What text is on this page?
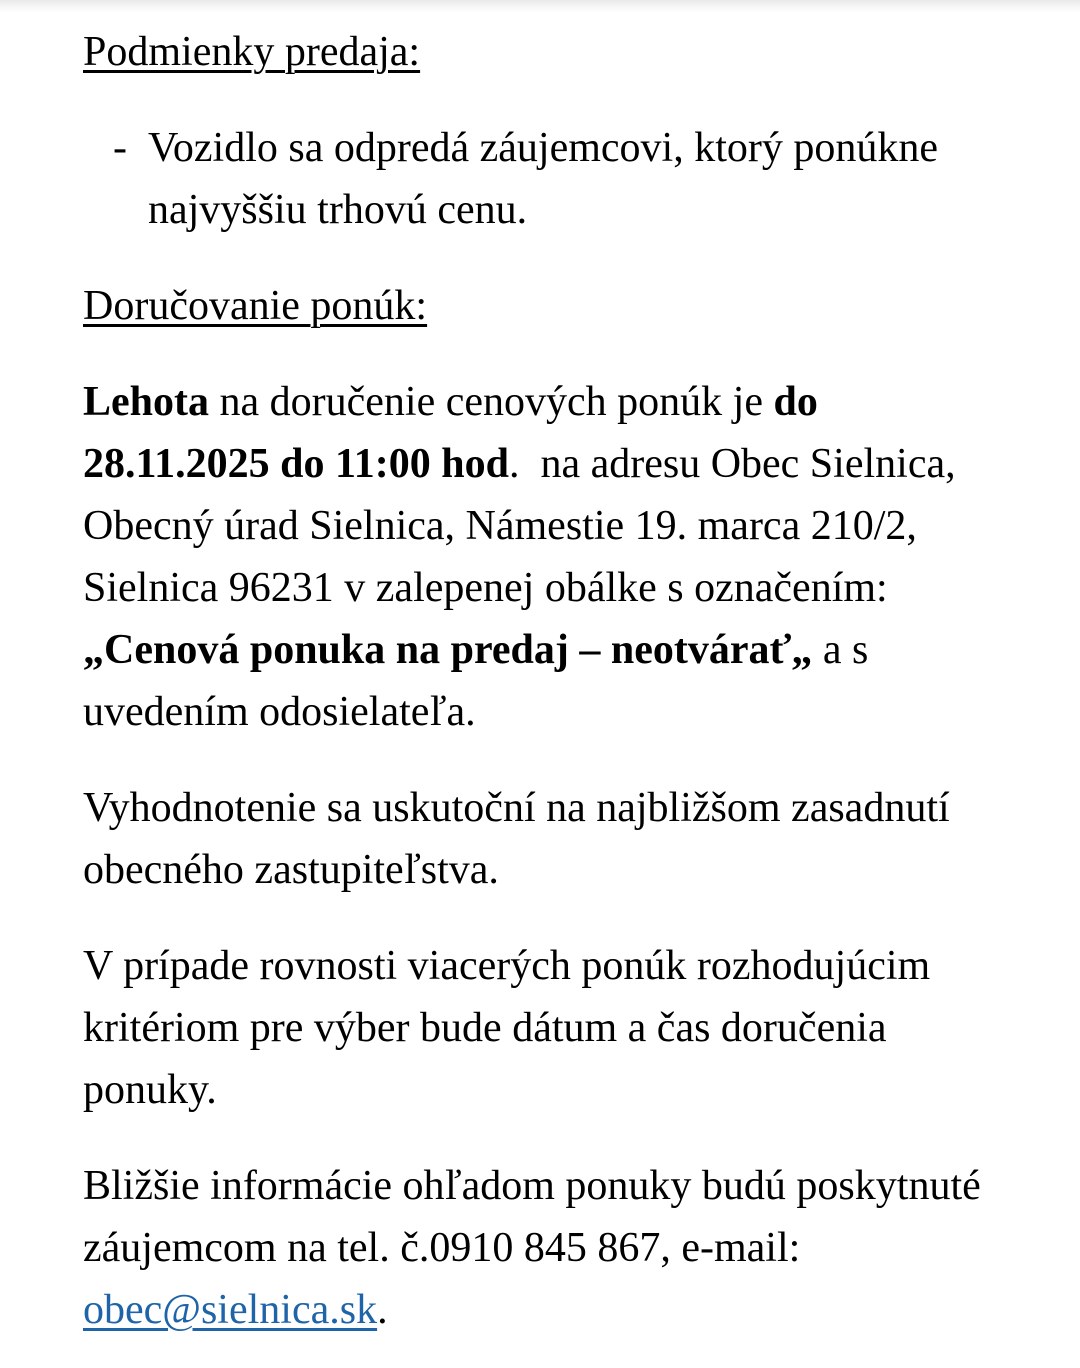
Podmienky predaja:

- Vozidlo sa odpredá záujemcovi, ktorý ponúkne najvyššiu trhovú cenu.

Doručovanie ponúk:

Lehota na doručenie cenových ponúk je do 28.11.2025 do 11:00 hod.  na adresu Obec Sielnica, Obecný úrad Sielnica, Námestie 19. marca 210/2, Sielnica 96231 v zalepenej obálke s označením: „Cenová ponuka na predaj – neotvárať„ a s uvedením odosielateľa.

Vyhodnotenie sa uskutoční na najbližšom zasadnutí obecného zastupiteľstva.

V prípade rovnosti viacerých ponúk rozhodujúcim kritériom pre výber bude dátum a čas doručenia ponuky.

Bližšie informácie ohľadom ponuky budú poskytnuté záujemcom na tel. č.0910 845 867, e-mail: obec@sielnica.sk.
